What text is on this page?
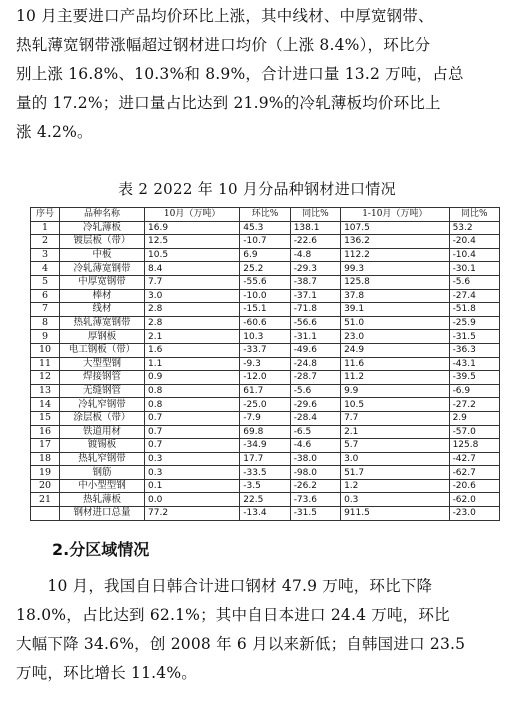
10 月主要进口产品均价环比上涨，其中线材、中厚宽钢带、
热轧薄宽钢带涨幅超过钢材进口均价（上涨 8.4%），环比分
别上涨 16.8%、10.3%和 8.9%，合计进口量 13.2 万吨，占总
量的 17.2%；进口量占比达到 21.9%的冷轧薄板均价环比上
涨 4.2%。
表 2 2022 年 10 月分品种钢材进口情况
序号	品种名称	10月（万吨）	环比%	同比%	1-10月（万吨）	同比%
1	冷轧薄板	16.9	45.3	138.1	107.5	53.2
2	镀层板（带）	12.5	-10.7	-22.6	136.2	-20.4
3	中板	10.5	6.9	-4.8	112.2	-10.4
4	冷轧薄宽钢带	8.4	25.2	-29.3	99.3	-30.1
5	中厚宽钢带	7.7	-55.6	-38.7	125.8	-5.6
6	棒材	3.0	-10.0	-37.1	37.8	-27.4
7	线材	2.8	-15.1	-71.8	39.1	-51.8
8	热轧薄宽钢带	2.8	-60.6	-56.6	51.0	-25.9
9	厚钢板	2.1	10.3	-31.1	23.0	-31.5
10	电工钢板（带）	1.6	-33.7	-49.6	24.9	-36.3
11	大型型钢	1.1	-9.3	-24.8	11.6	-43.1
12	焊接钢管	0.9	-12.0	-28.7	11.2	-39.5
13	无缝钢管	0.8	61.7	-5.6	9.9	-6.9
14	冷轧窄钢带	0.8	-25.0	-29.6	10.5	-27.2
15	涂层板（带）	0.7	-7.9	-28.4	7.7	2.9
16	铁道用材	0.7	69.8	-6.5	2.1	-57.0
17	镀锡板	0.7	-34.9	-4.6	5.7	125.8
18	热轧窄钢带	0.3	17.7	-38.0	3.0	-42.7
19	钢筋	0.3	-33.5	-98.0	51.7	-62.7
20	中小型型钢	0.1	-3.5	-26.2	1.2	-20.6
21	热轧薄板	0.0	22.5	-73.6	0.3	-62.0
	钢材进口总量	77.2	-13.4	-31.5	911.5	-23.0
2.分区域情况
　　10 月，我国自日韩合计进口钢材 47.9 万吨，环比下降
18.0%，占比达到 62.1%；其中自日本进口 24.4 万吨，环比
大幅下降 34.6%，创 2008 年 6 月以来新低；自韩国进口 23.5
万吨，环比增长 11.4%。
